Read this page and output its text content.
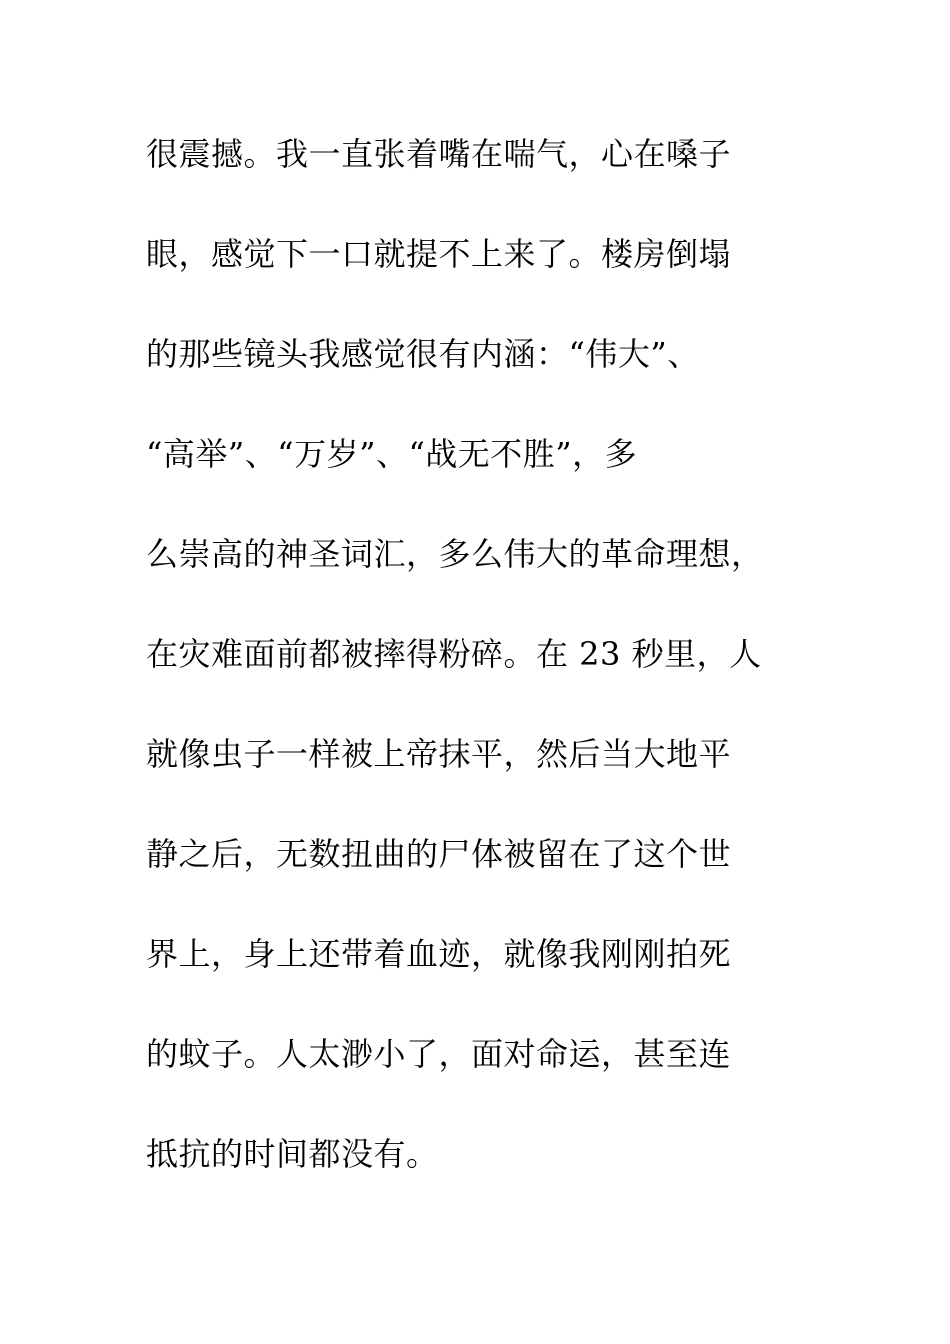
很震撼。我一直张着嘴在喘气，心在嗓子
眼，感觉下一口就提不上来了。楼房倒塌
的那些镜头我感觉很有内涵：“伟大”、
“高举”、“万岁”、“战无不胜”，多
么崇高的神圣词汇，多么伟大的革命理想，
在灾难面前都被摔得粉碎。在 23 秒里，人
就像虫子一样被上帝抹平，然后当大地平
静之后，无数扭曲的尸体被留在了这个世
界上，身上还带着血迹，就像我刚刚拍死
的蚊子。人太渺小了，面对命运，甚至连
抵抗的时间都没有。
